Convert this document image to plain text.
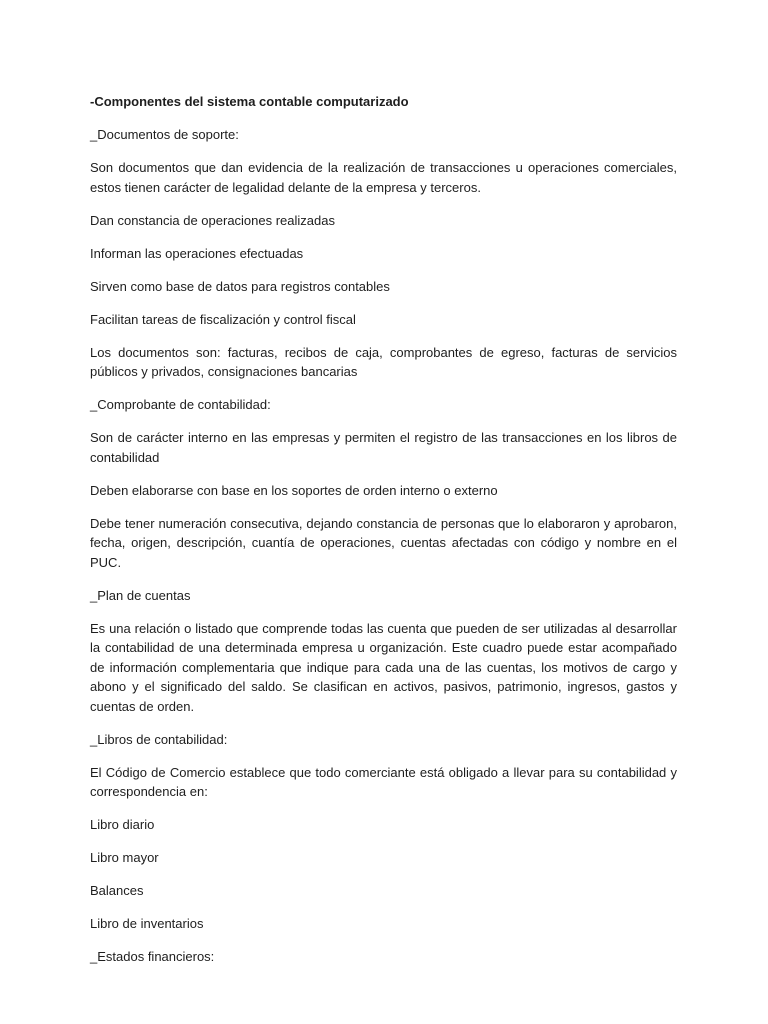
-Componentes del sistema contable computarizado

_Documentos de soporte:

Son documentos que dan evidencia de la realización de transacciones u operaciones comerciales, estos tienen carácter de legalidad delante de la empresa y terceros.

Dan constancia de operaciones realizadas

Informan las operaciones efectuadas

Sirven como base de datos para registros contables

Facilitan tareas de fiscalización y control fiscal

Los documentos son: facturas, recibos de caja, comprobantes de egreso, facturas de servicios públicos y privados, consignaciones bancarias

_Comprobante de contabilidad:

Son de carácter interno en las empresas y permiten el registro de las transacciones en los libros de contabilidad

Deben elaborarse con base en los soportes de orden interno o externo

Debe tener numeración consecutiva, dejando constancia de personas que lo elaboraron y aprobaron, fecha, origen, descripción, cuantía de operaciones, cuentas afectadas con código y nombre en el PUC.

_Plan de cuentas

Es una relación o listado que comprende todas las cuenta que pueden de ser utilizadas al desarrollar la contabilidad de una determinada empresa u organización. Este cuadro puede estar acompañado de información complementaria que indique para cada una de las cuentas, los motivos de cargo y abono y el significado del saldo. Se clasifican en activos, pasivos, patrimonio, ingresos, gastos y cuentas de orden.

_Libros de contabilidad:

El Código de Comercio establece que todo comerciante está obligado a llevar para su contabilidad y correspondencia en:

Libro diario

Libro mayor

Balances

Libro de inventarios

_Estados financieros:
